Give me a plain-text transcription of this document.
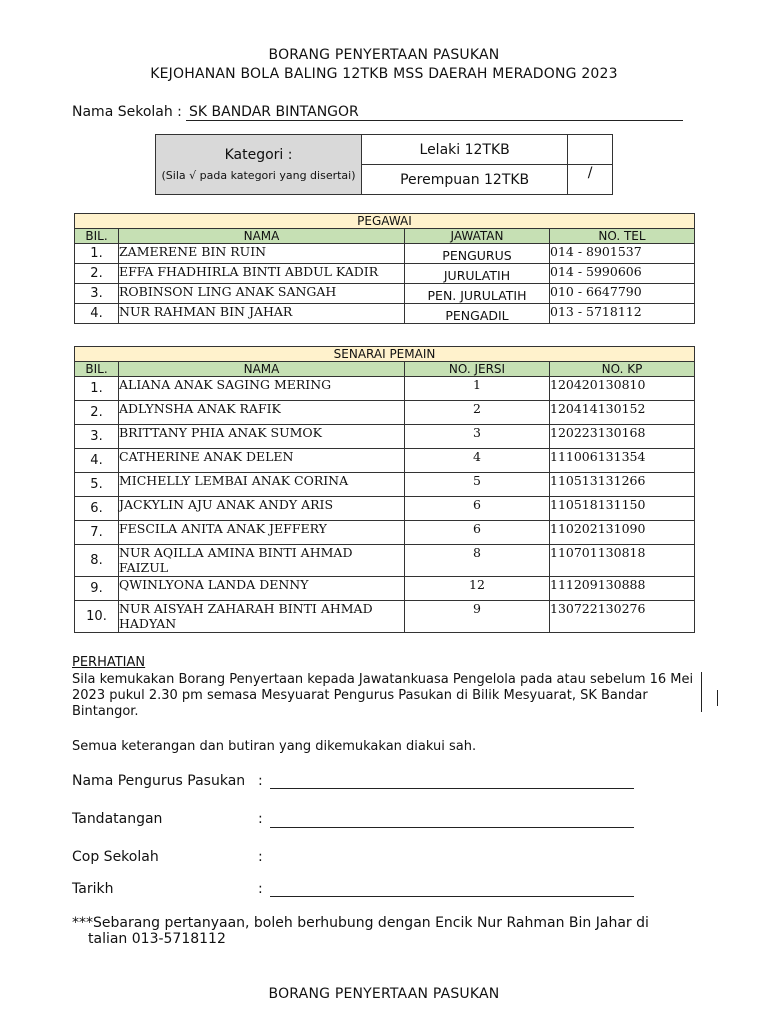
BORANG PENYERTAAN PASUKAN
KEJOHANAN BOLA BALING 12TKB MSS DAERAH MERADONG 2023
Nama Sekolah : SK BANDAR BINTANGOR
Kategori :
(Sila √ pada kategori yang disertai)	Lelaki 12TKB	
	Perempuan 12TKB	/
PEGAWAI			
BIL.	NAMA	JAWATAN	NO. TEL
1.	ZAMERENE BIN RUIN	PENGURUS	014 - 8901537
2.	EFFA FHADHIRLA BINTI ABDUL KADIR	JURULATIH	014 - 5990606
3.	ROBINSON LING ANAK SANGAH	PEN. JURULATIH	010 - 6647790
4.	NUR RAHMAN BIN JAHAR	PENGADIL	013 - 5718112
SENARAI PEMAIN			
BIL.	NAMA	NO. JERSI	NO. KP
1.	ALIANA ANAK SAGING MERING	1	120420130810
2.	ADLYNSHA ANAK RAFIK	2	120414130152
3.	BRITTANY PHIA ANAK SUMOK	3	120223130168
4.	CATHERINE ANAK DELEN	4	111006131354
5.	MICHELLY LEMBAI ANAK CORINA	5	110513131266
6.	JACKYLIN AJU ANAK ANDY ARIS	6	110518131150
7.	FESCILA ANITA ANAK JEFFERY	6	110202131090
8.	NUR AQILLA AMINA BINTI AHMAD FAIZUL	8	110701130818
9.	QWINLYONA LANDA DENNY	12	111209130888
10.	NUR AISYAH ZAHARAH BINTI AHMAD HADYAN	9	130722130276
PERHATIAN
Sila kemukakan Borang Penyertaan kepada Jawatankuasa Pengelola pada atau sebelum 16 Mei 2023 pukul 2.30 pm semasa Mesyuarat Pengurus Pasukan di Bilik Mesyuarat, SK Bandar Bintangor.
Semua keterangan dan butiran yang dikemukakan diakui sah.
Nama Pengurus Pasukan :
Tandatangan	:
Cop Sekolah	:
Tarikh	:
***Sebarang pertanyaan, boleh berhubung dengan Encik Nur Rahman Bin Jahar di talian 013-5718112
BORANG PENYERTAAN PASUKAN
